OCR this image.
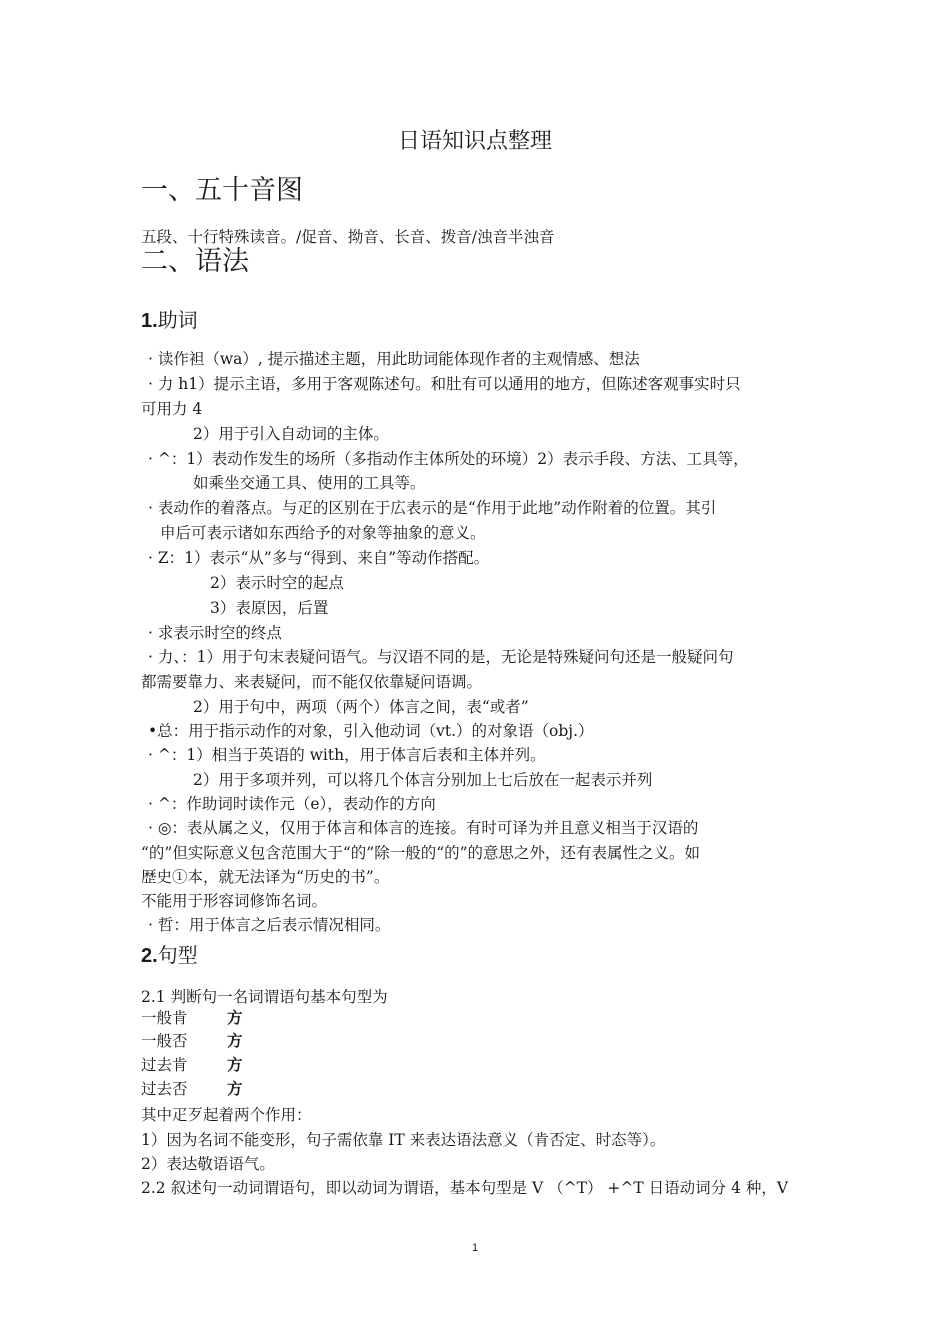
日语知识点整理
一、五十音图
五段、十行特殊读音。/促音、拗音、长音、拨音/浊音半浊音
二、语法
1.助词
· 读作袒（wa）, 提示描述主题，用此助词能体现作者的主观情感、想法
· 力 h1）提示主语，多用于客观陈述句。和肚有可以通用的地方，但陈述客观事实时只
可用力 4
2）用于引入自动词的主体。
· ^：1）表动作发生的场所（多指动作主体所处的环境）2）表示手段、方法、工具等，
如乘坐交通工具、使用的工具等。
· 表动作的着落点。与疋的区别在于広表示的是“作用于此地”动作附着的位置。其引
申后可表示诸如东西给予的对象等抽象的意义。
· Z：1）表示“从”多与“得到、来自”等动作搭配。
2）表示时空的起点
3）表原因，后置
· 求表示时空的终点
· 力、：1）用于句末表疑问语气。与汉语不同的是，无论是特殊疑问句还是一般疑问句
都需要靠力、来表疑问，而不能仅依靠疑问语调。
2）用于句中，两项（两个）体言之间，表“或者”
•总：用于指示动作的对象，引入他动词（vt.）的对象语（obj.）
· ^：1）相当于英语的 with，用于体言后表和主体并列。
2）用于多项并列，可以将几个体言分别加上七后放在一起表示并列
· ^：作助词时读作元（e），表动作的方向
· ◎：表从属之义，仅用于体言和体言的连接。有时可译为并且意义相当于汉语的
“的”但实际意义包含范围大于“的”除一般的“的”的意思之外，还有表属性之义。如
歴史①本，就无法译为“历史的书”。
不能用于形容词修饰名词。
· 哲：用于体言之后表示情况相同。
2.句型
2.1 判断句一名词谓语句基本句型为
一般肯	方
一般否	方
过去肯	方
过去否	方
其中疋歹起着两个作用：
1）因为名词不能变形，句子需依靠 IT 来表达语法意义（肯否定、时态等）。
2）表达敬语语气。
2.2 叙述句一动词谓语句，即以动词为谓语，基本句型是 V （^T） +^T 日语动词分 4 种，V
1
